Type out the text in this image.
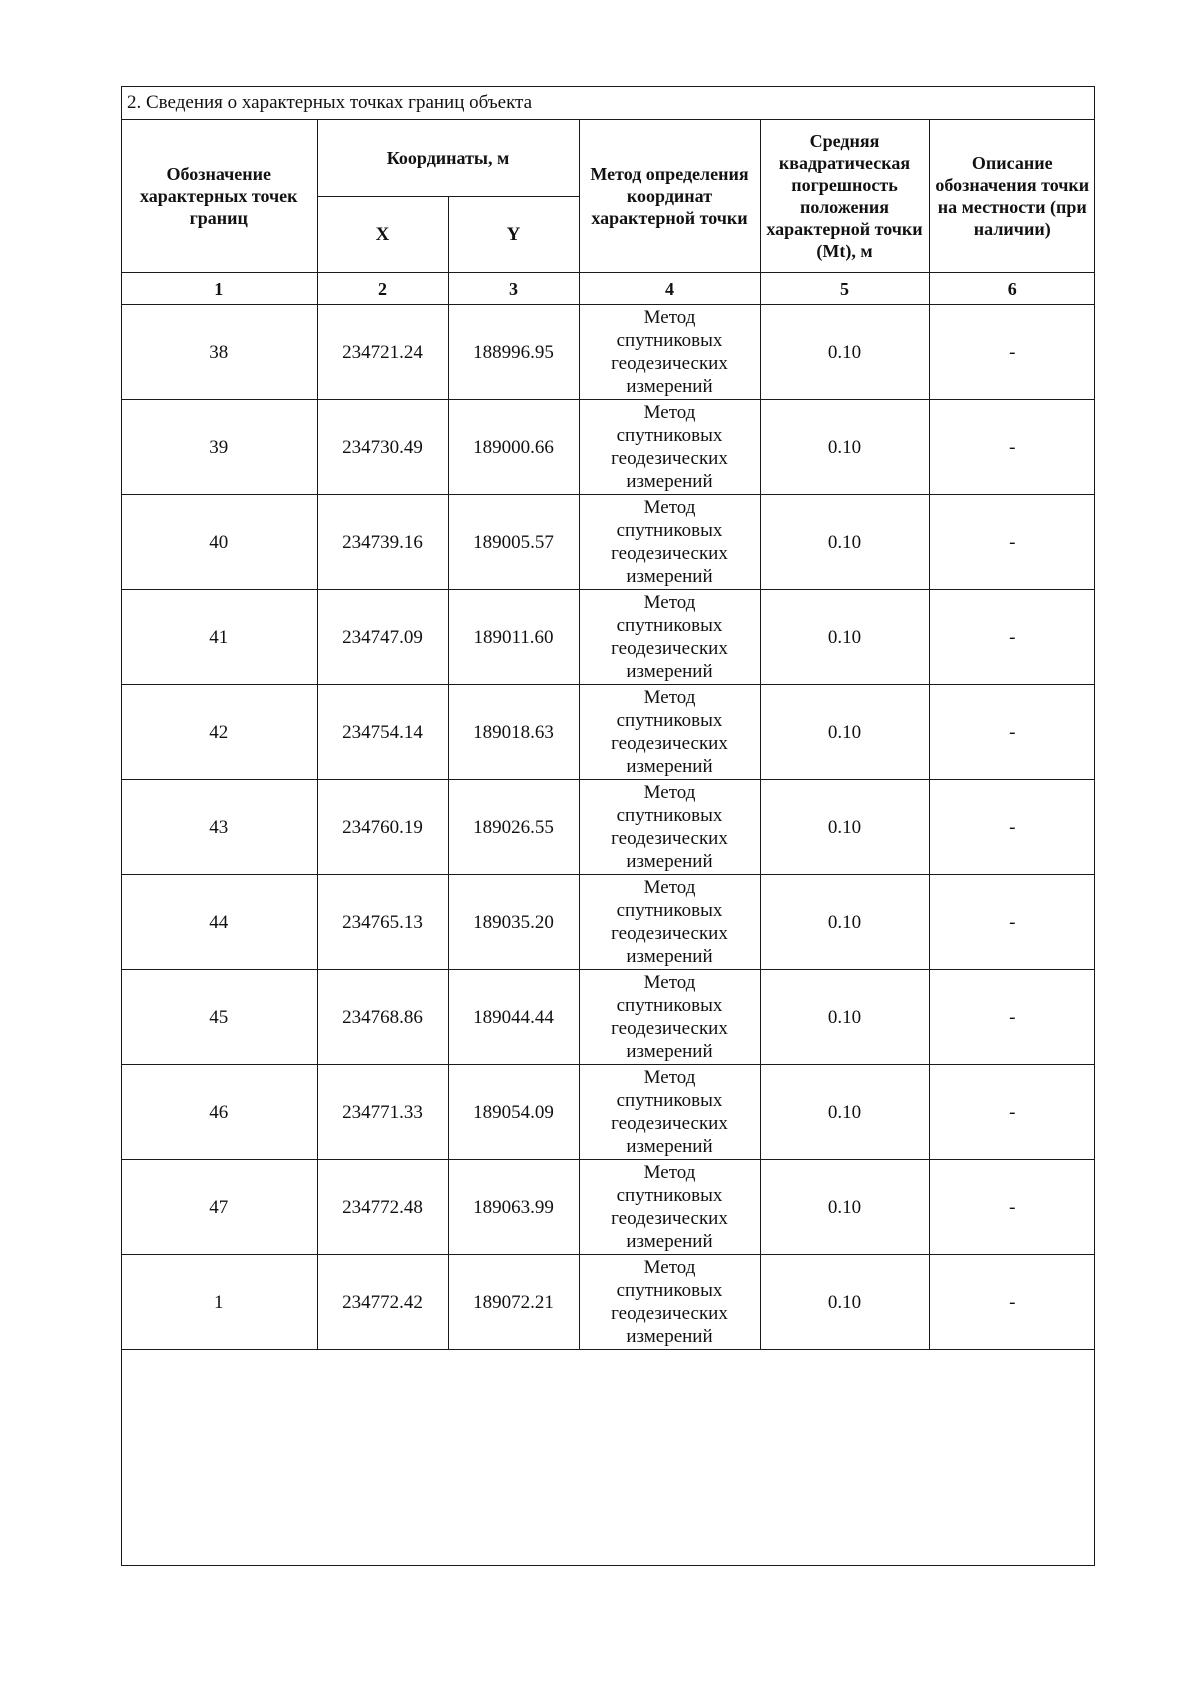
2. Сведения о характерных точках границ объекта
Обозначение характерных точек границ	Координаты, м		Метод определения координат характерной точки	Средняя квадратическая погрешность положения характерной точки (Mt), м	Описание обозначения точки на местности (при наличии)
	X	Y			
1	2	3	4	5	6
38	234721.24	188996.95	Метод
спутниковых
геодезических
измерений	0.10	-
39	234730.49	189000.66	Метод
спутниковых
геодезических
измерений	0.10	-
40	234739.16	189005.57	Метод
спутниковых
геодезических
измерений	0.10	-
41	234747.09	189011.60	Метод
спутниковых
геодезических
измерений	0.10	-
42	234754.14	189018.63	Метод
спутниковых
геодезических
измерений	0.10	-
43	234760.19	189026.55	Метод
спутниковых
геодезических
измерений	0.10	-
44	234765.13	189035.20	Метод
спутниковых
геодезических
измерений	0.10	-
45	234768.86	189044.44	Метод
спутниковых
геодезических
измерений	0.10	-
46	234771.33	189054.09	Метод
спутниковых
геодезических
измерений	0.10	-
47	234772.48	189063.99	Метод
спутниковых
геодезических
измерений	0.10	-
1	234772.42	189072.21	Метод
спутниковых
геодезических
измерений	0.10	-
